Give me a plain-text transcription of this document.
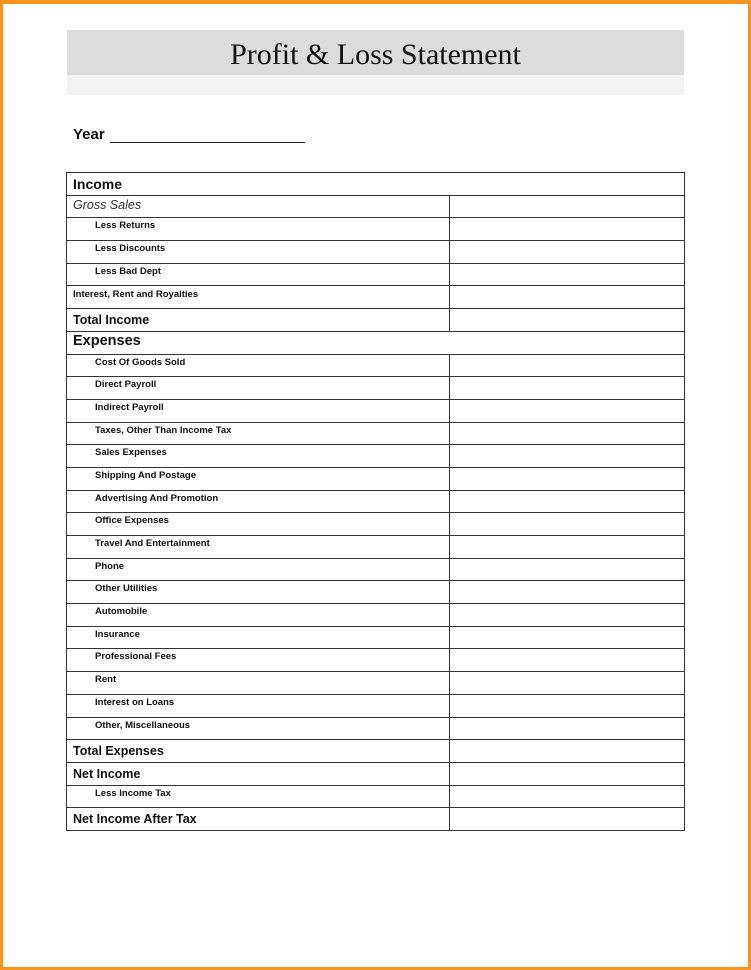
Profit & Loss Statement
Year
Income	

Gross Sales	

Less Returns	

Less Discounts	

Less Bad Dept	

Interest, Rent and Royalties	

Total Income	

Expenses	

Cost Of Goods Sold	

Direct Payroll	

Indirect Payroll	

Taxes, Other Than Income Tax	

Sales Expenses	

Shipping And Postage	

Advertising And Promotion	

Office Expenses	

Travel And Entertainment	

Phone	

Other Utilities	

Automobile	

Insurance	

Professional Fees	

Rent	

Interest on Loans	

Other, Miscellaneous	

Total Expenses	

Net Income	

Less Income Tax	

Net Income After Tax	
